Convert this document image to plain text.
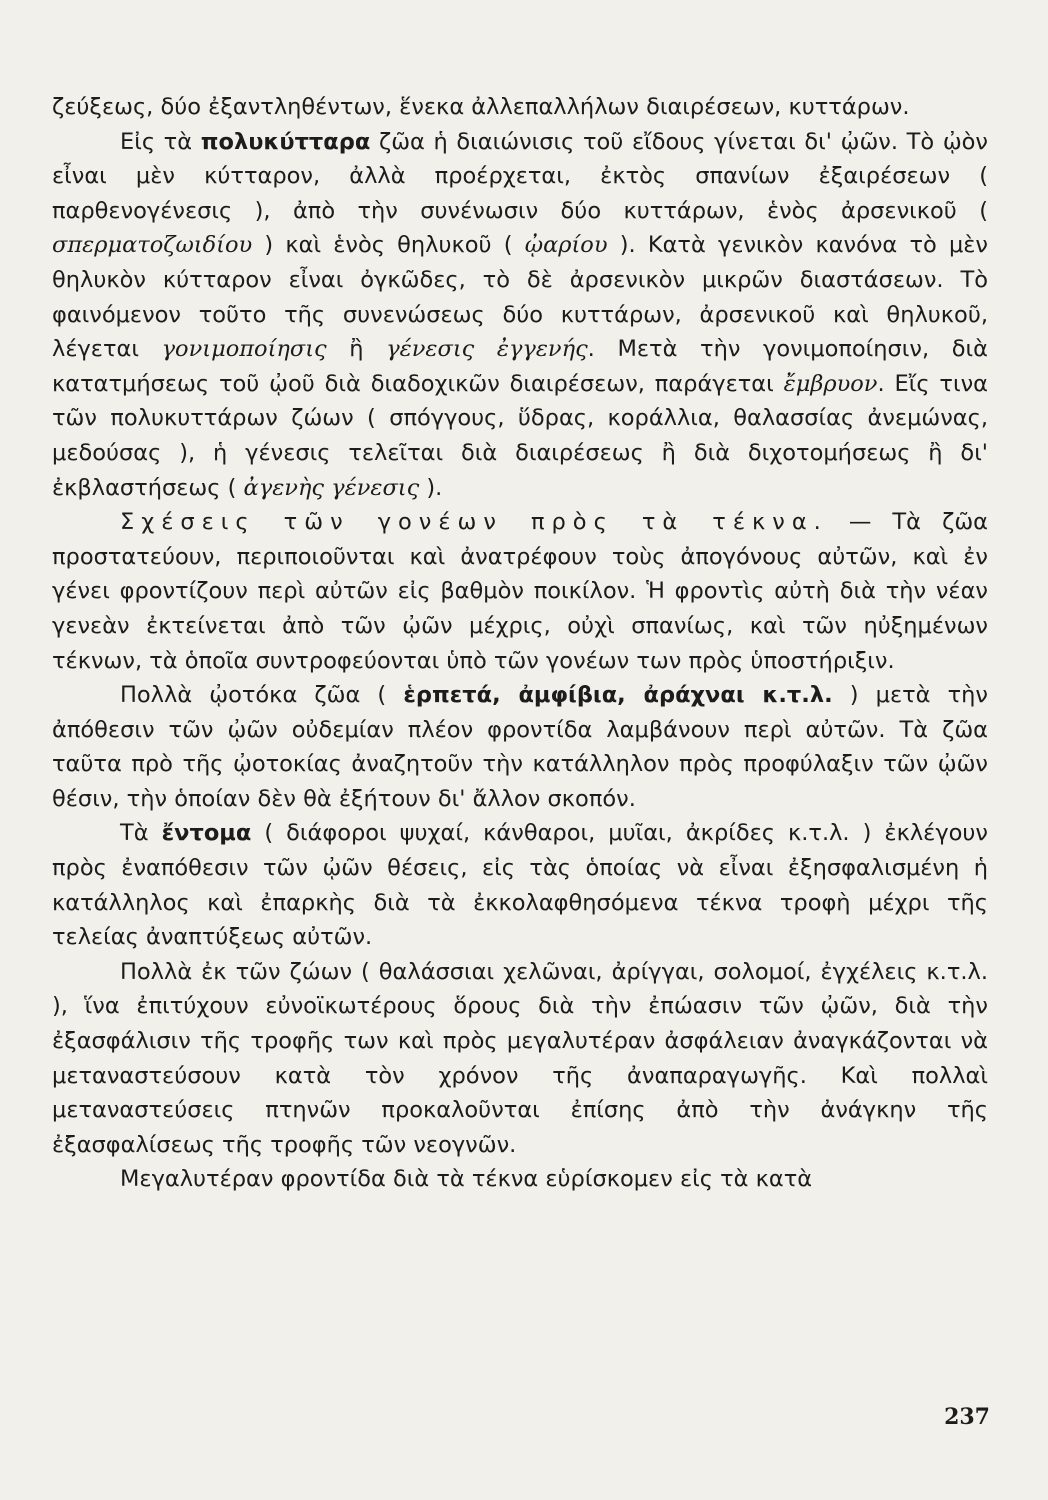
ζεύξεως, δύο ἐξαντληθέντων, ἕνεκα ἀλλεπαλλήλων διαιρέσεων, κυττάρων.

Εἰς τὰ πολυκύτταρα ζῶα ἡ διαιώνισις τοῦ εἴδους γίνεται δι' ᾠῶν. Τὸ ᾠὸν εἶναι μὲν κύτταρον, ἀλλὰ προέρχεται, ἐκτὸς σπανίων ἐξαιρέσεων ( παρθενογένεσις ), ἀπὸ τὴν συνένωσιν δύο κυττάρων, ἑνὸς ἀρσενικοῦ ( σπερματοζωιδίου ) καὶ ἑνὸς θηλυκοῦ ( ᾠαρίου ). Κατὰ γενικὸν κανόνα τὸ μὲν θηλυκὸν κύτταρον εἶναι ὀγκῶδες, τὸ δὲ ἀρσενικὸν μικρῶν διαστάσεων. Τὸ φαινόμενον τοῦτο τῆς συνενώσεως δύο κυττάρων, ἀρσενικοῦ καὶ θηλυκοῦ, λέγεται γονιμοποίησις ἢ γένεσις ἐγγενής. Μετὰ τὴν γονιμοποίησιν, διὰ κατατμήσεως τοῦ ᾠοῦ διὰ διαδοχικῶν διαιρέσεων, παράγεται ἔμβρυον. Εἴς τινα τῶν πολυκυττάρων ζώων ( σπόγγους, ὕδρας, κοράλλια, θαλασσίας ἀνεμώνας, μεδούσας ), ἡ γένεσις τελεῖται διὰ διαιρέσεως ἢ διὰ διχοτομήσεως ἢ δι' ἐκβλαστήσεως ( ἀγενὴς γένεσις ).

Σχέσεις τῶν γονέων πρὸς τὰ τέκνα. — Τὰ ζῶα προστατεύουν, περιποιοῦνται καὶ ἀνατρέφουν τοὺς ἀπογόνους αὐτῶν, καὶ ἐν γένει φροντίζουν περὶ αὐτῶν εἰς βαθμὸν ποικίλον. Ἡ φροντὶς αὐτὴ διὰ τὴν νέαν γενεὰν ἐκτείνεται ἀπὸ τῶν ᾠῶν μέχρις, οὐχὶ σπανίως, καὶ τῶν ηὐξημένων τέκνων, τὰ ὁποῖα συντροφεύονται ὑπὸ τῶν γονέων των πρὸς ὑποστήριξιν.

Πολλὰ ᾠοτόκα ζῶα ( ἑρπετά, ἀμφίβια, ἀράχναι κ.τ.λ. ) μετὰ τὴν ἀπόθεσιν τῶν ᾠῶν οὐδεμίαν πλέον φροντίδα λαμβάνουν περὶ αὐτῶν. Τὰ ζῶα ταῦτα πρὸ τῆς ᾠοτοκίας ἀναζητοῦν τὴν κατάλληλον πρὸς προφύλαξιν τῶν ᾠῶν θέσιν, τὴν ὁποίαν δὲν θὰ ἐξήτουν δι' ἄλλον σκοπόν.

Τὰ ἔντομα ( διάφοροι ψυχαί, κάνθαροι, μυῖαι, ἀκρίδες κ.τ.λ. ) ἐκλέγουν πρὸς ἐναπόθεσιν τῶν ᾠῶν θέσεις, εἰς τὰς ὁποίας νὰ εἶναι ἐξησφαλισμένη ἡ κατάλληλος καὶ ἐπαρκὴς διὰ τὰ ἐκκολαφθησόμενα τέκνα τροφὴ μέχρι τῆς τελείας ἀναπτύξεως αὐτῶν.

Πολλὰ ἐκ τῶν ζώων ( θαλάσσιαι χελῶναι, ἀρίγγαι, σολομοί, ἐγχέλεις κ.τ.λ. ), ἵνα ἐπιτύχουν εὐνοϊκωτέρους ὅρους διὰ τὴν ἐπώασιν τῶν ᾠῶν, διὰ τὴν ἐξασφάλισιν τῆς τροφῆς των καὶ πρὸς μεγαλυτέραν ἀσφάλειαν ἀναγκάζονται νὰ μεταναστεύσουν κατὰ τὸν χρόνον τῆς ἀναπαραγωγῆς. Καὶ πολλαὶ μεταναστεύσεις πτηνῶν προκαλοῦνται ἐπίσης ἀπὸ τὴν ἀνάγκην τῆς ἐξασφαλίσεως τῆς τροφῆς τῶν νεογνῶν.

Μεγαλυτέραν φροντίδα διὰ τὰ τέκνα εὑρίσκομεν εἰς τὰ κατὰ

237
